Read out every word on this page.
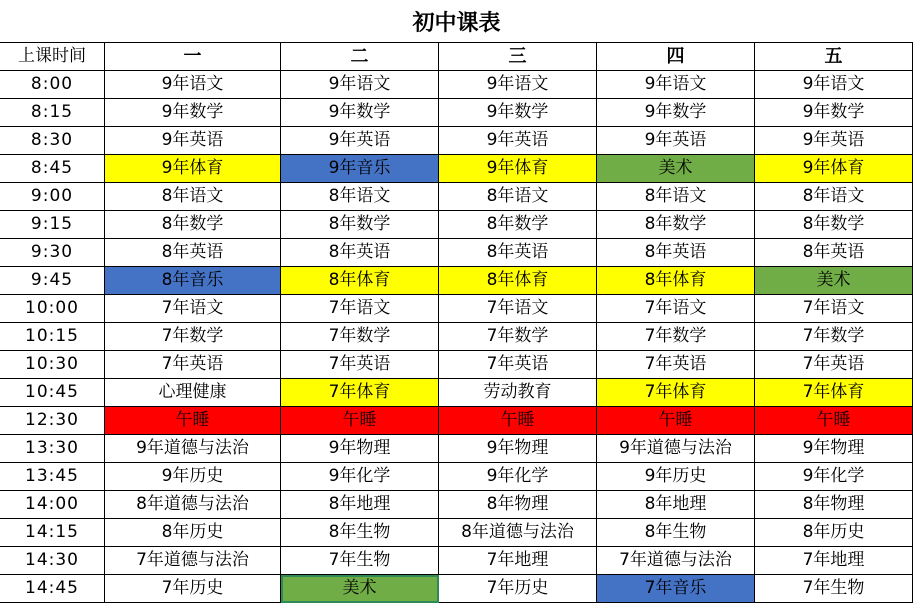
初中课表
上课时间	一	二	三	四	五
8:00	9年语文	9年语文	9年语文	9年语文	9年语文
8:15	9年数学	9年数学	9年数学	9年数学	9年数学
8:30	9年英语	9年英语	9年英语	9年英语	9年英语
8:45	9年体育	9年音乐	9年体育	美术	9年体育
9:00	8年语文	8年语文	8年语文	8年语文	8年语文
9:15	8年数学	8年数学	8年数学	8年数学	8年数学
9:30	8年英语	8年英语	8年英语	8年英语	8年英语
9:45	8年音乐	8年体育	8年体育	8年体育	美术
10:00	7年语文	7年语文	7年语文	7年语文	7年语文
10:15	7年数学	7年数学	7年数学	7年数学	7年数学
10:30	7年英语	7年英语	7年英语	7年英语	7年英语
10:45	心理健康	7年体育	劳动教育	7年体育	7年体育
12:30	午睡	午睡	午睡	午睡	午睡
13:30	9年道德与法治	9年物理	9年物理	9年道德与法治	9年物理
13:45	9年历史	9年化学	9年化学	9年历史	9年化学
14:00	8年道德与法治	8年地理	8年物理	8年地理	8年物理
14:15	8年历史	8年生物	8年道德与法治	8年生物	8年历史
14:30	7年道德与法治	7年生物	7年地理	7年道德与法治	7年地理
14:45	7年历史	美术	7年历史	7年音乐	7年生物
